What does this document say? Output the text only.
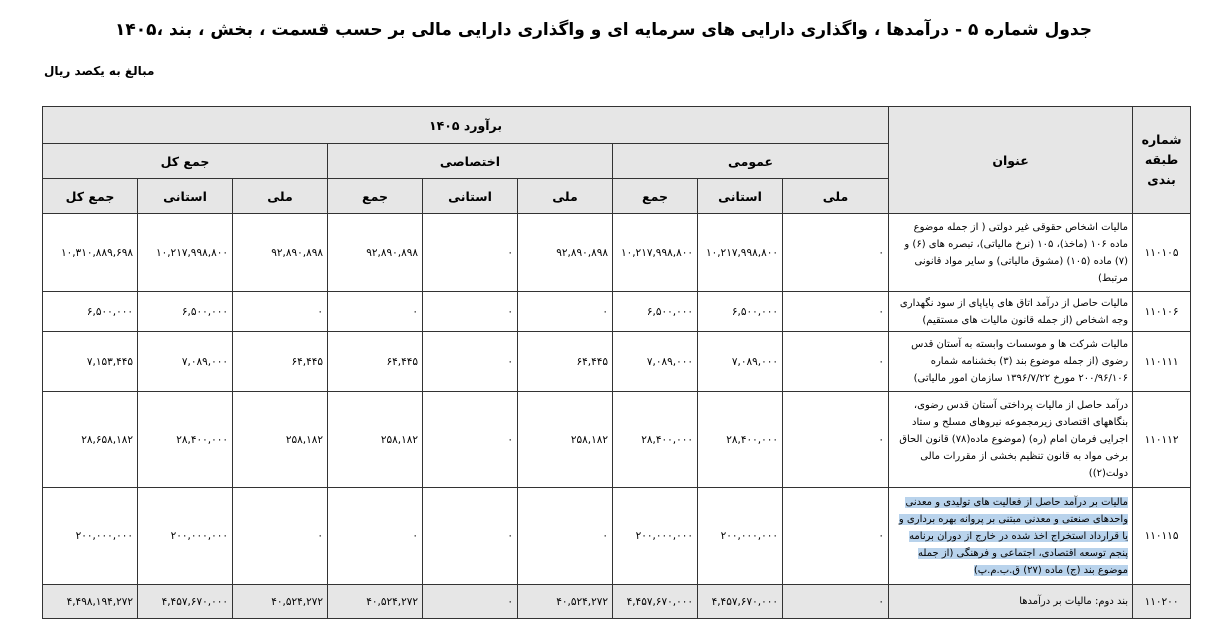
جدول شماره ۵ - درآمدها ، واگذاری دارایی های سرمایه ای و واگذاری دارایی مالی بر حسب قسمت ، بخش ، بند ،۱۴۰۵
مبالغ به یکصد ریال
برآورد ۱۴۰۵									عنوان	شماره طبقه بندی
جمع کل			اختصاصی			عمومی				
جمع کل	استانی	ملی	جمع	استانی	ملی	جمع	استانی	ملی		
۱۰,۳۱۰,۸۸۹,۶۹۸	۱۰,۲۱۷,۹۹۸,۸۰۰	۹۲,۸۹۰,۸۹۸	۹۲,۸۹۰,۸۹۸	۰	۹۲,۸۹۰,۸۹۸	۱۰,۲۱۷,۹۹۸,۸۰۰	۱۰,۲۱۷,۹۹۸,۸۰۰	۰	مالیات اشخاص حقوقی غیر دولتی ( از جمله موضوع ماده ۱۰۶ (ماخذ)، ۱۰۵ (نرخ مالیاتی)، تبصره های (۶) و (۷) ماده (۱۰۵) (مشوق مالیاتی) و سایر مواد قانونی مرتبط)	۱۱۰۱۰۵
۶,۵۰۰,۰۰۰	۶,۵۰۰,۰۰۰	۰	۰	۰	۰	۶,۵۰۰,۰۰۰	۶,۵۰۰,۰۰۰	۰	مالیات حاصل از درآمد اتاق های پایاپای از سود نگهداری وجه اشخاص (از جمله قانون مالیات های مستقیم)	۱۱۰۱۰۶
۷,۱۵۳,۴۴۵	۷,۰۸۹,۰۰۰	۶۴,۴۴۵	۶۴,۴۴۵	۰	۶۴,۴۴۵	۷,۰۸۹,۰۰۰	۷,۰۸۹,۰۰۰	۰	مالیات شرکت ها و موسسات وابسته به آستان قدس رضوی (از جمله موضوع بند (۳) بخشنامه شماره ۲۰۰/۹۶/۱۰۶ مورخ ۱۳۹۶/۷/۲۲ سازمان امور مالیاتی)	۱۱۰۱۱۱
۲۸,۶۵۸,۱۸۲	۲۸,۴۰۰,۰۰۰	۲۵۸,۱۸۲	۲۵۸,۱۸۲	۰	۲۵۸,۱۸۲	۲۸,۴۰۰,۰۰۰	۲۸,۴۰۰,۰۰۰	۰	درآمد حاصل از مالیات پرداختی آستان قدس رضوی، بنگاههای اقتصادی زیرمجموعه نیروهای مسلح و ستاد اجرایی فرمان امام (ره) (موضوع ماده(۷۸) قانون الحاق برخی مواد به قانون تنظیم بخشی از مقررات مالی دولت(۲))	۱۱۰۱۱۲
۲۰۰,۰۰۰,۰۰۰	۲۰۰,۰۰۰,۰۰۰	۰	۰	۰	۰	۲۰۰,۰۰۰,۰۰۰	۲۰۰,۰۰۰,۰۰۰	۰	مالیات بر درآمد حاصل از فعالیت های تولیدی و معدنی واحدهای صنعتی و معدنی مبتنی بر پروانه بهره برداری و یا قرارداد استخراج اخذ شده در خارج از دوران برنامه پنجم توسعه اقتصادی، اجتماعی و فرهنگی (از جمله موضوع بند (ج) ماده (۲۷) ق.ب.م.پ)	۱۱۰۱۱۵
۴,۴۹۸,۱۹۴,۲۷۲	۴,۴۵۷,۶۷۰,۰۰۰	۴۰,۵۲۴,۲۷۲	۴۰,۵۲۴,۲۷۲	۰	۴۰,۵۲۴,۲۷۲	۴,۴۵۷,۶۷۰,۰۰۰	۴,۴۵۷,۶۷۰,۰۰۰	۰	بند دوم: مالیات بر درآمدها	۱۱۰۲۰۰
